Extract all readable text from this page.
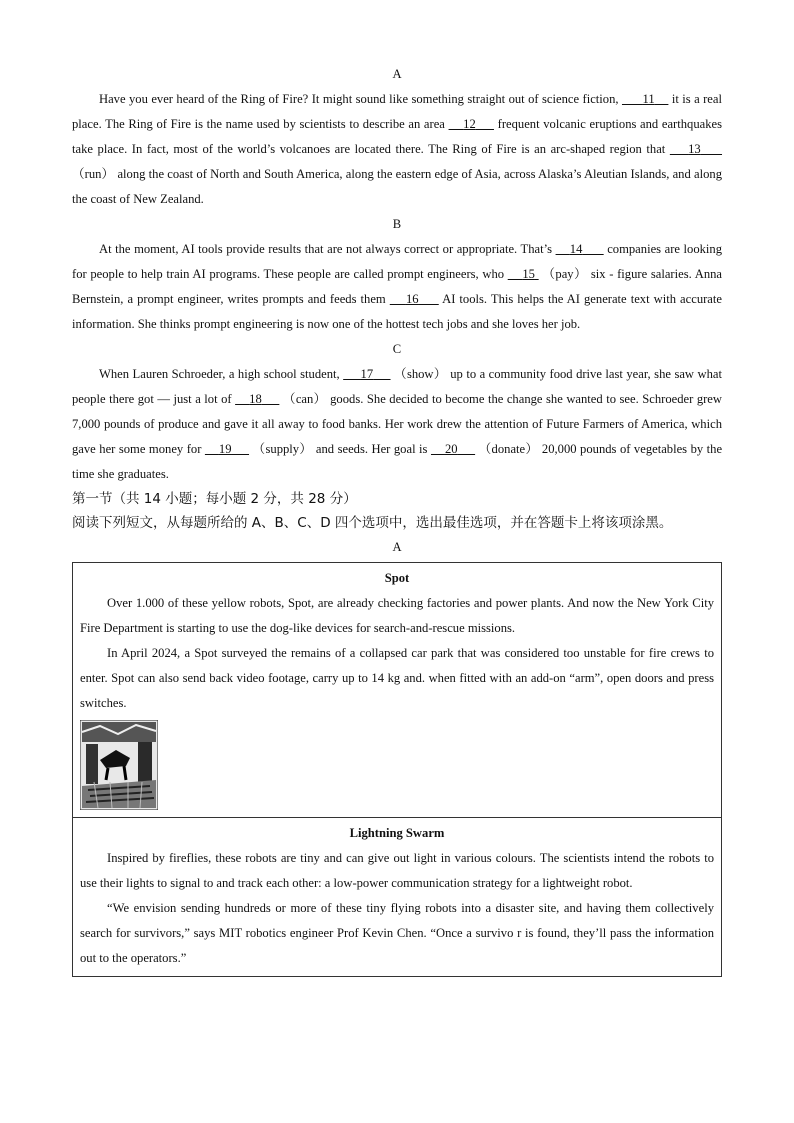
A

Have you ever heard of the Ring of Fire? It might sound like something straight out of science fiction,       11     it is a real place. The Ring of Fire is the name used by scientists to describe an area     12      frequent volcanic eruptions and earthquakes take place. In fact, most of the world’s volcanoes are located there. The Ring of Fire is an arc-shaped region that     13      （run） along the coast of North and South America, along the eastern edge of Asia, across Alaska’s Aleutian Islands, and along the coast of New Zealand.

B

At the moment, AI tools provide results that are not always correct or appropriate. That’s     14       companies are looking for people to help train AI programs. These people are called prompt engineers, who     15 （pay） six - figure salaries. Anna Bernstein, a prompt engineer, writes prompts and feeds them     16      AI tools. This helps the AI generate text with accurate information. She thinks prompt engineering is now one of the hottest tech jobs and she loves her job.

C

When Lauren Schroeder, a high school student,      17 （show） up to a community food drive last year, she saw what people there got — just a lot of     18 （can） goods. She decided to become the change she wanted to see. Schroeder grew 7,000 pounds of produce and gave it all away to food banks. Her work drew the attention of Future Farmers of America, which gave her some money for     19 （supply） and seeds. Her goal is     20 （donate） 20,000 pounds of vegetables by the time she graduates.

第一节（共 14 小题；每小题 2 分，共 28 分）

阅读下列短文，从每题所给的 A、B、C、D 四个选项中，选出最佳选项，并在答题卡上将该项涂黑。

A

Spot

Over 1.000 of these yellow robots, Spot, are already checking factories and power plants. And now the New York City Fire Department is starting to use the dog-like devices for search-and-rescue missions.

In April 2024, a Spot surveyed the remains of a collapsed car park that was considered too unstable for fire crews to enter. Spot can also send back video footage, carry up to 14 kg and. when fitted with an add-on “arm”, open doors and press switches.

Lightning Swarm

Inspired by fireflies, these robots are tiny and can give out light in various colours. The scientists intend the robots to use their lights to signal to and track each other: a low-power communication strategy for a lightweight robot.

“We envision sending hundreds or more of these tiny flying robots into a disaster site, and having them collectively search for survivors,” says MIT robotics engineer Prof Kevin Chen. “Once a survivo r is found, they’ll pass the information out to the operators.”
